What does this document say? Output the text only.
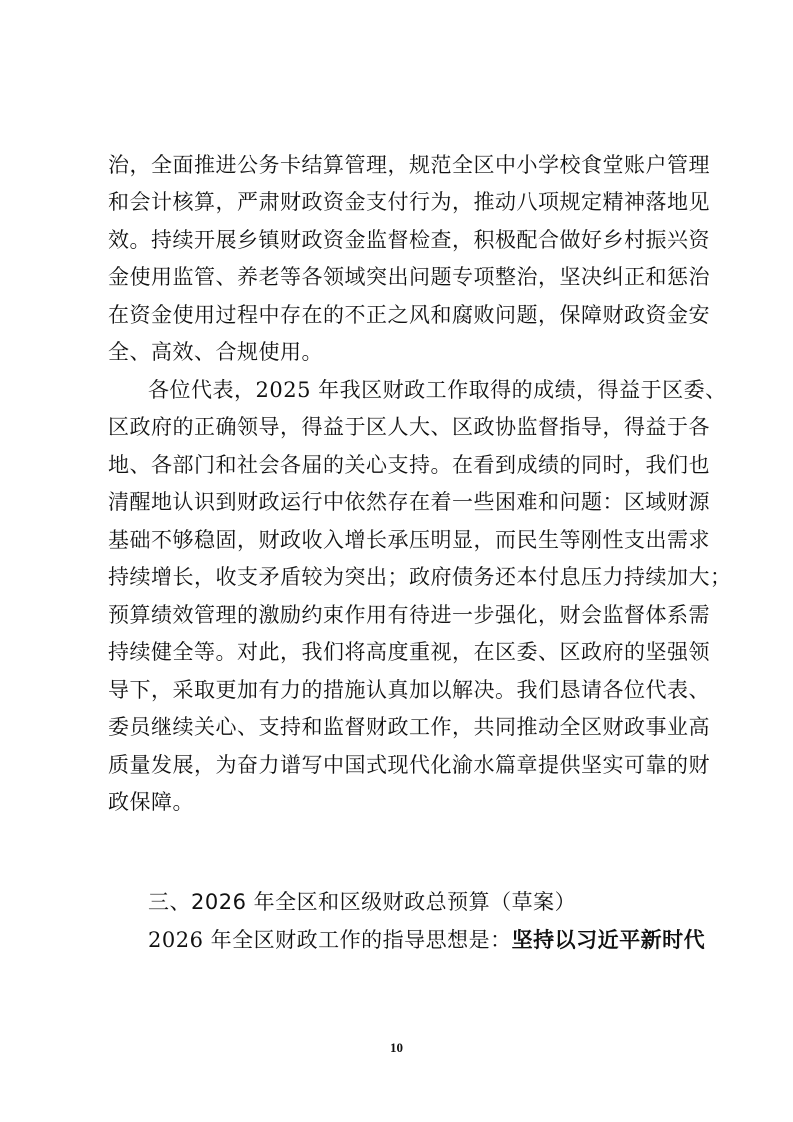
治，全面推进公务卡结算管理，规范全区中小学校食堂账户管理
和会计核算，严肃财政资金支付行为，推动八项规定精神落地见
效。持续开展乡镇财政资金监督检查，积极配合做好乡村振兴资
金使用监管、养老等各领域突出问题专项整治，坚决纠正和惩治
在资金使用过程中存在的不正之风和腐败问题，保障财政资金安
全、高效、合规使用。
各位代表，2025 年我区财政工作取得的成绩，得益于区委、
区政府的正确领导，得益于区人大、区政协监督指导，得益于各
地、各部门和社会各届的关心支持。在看到成绩的同时，我们也
清醒地认识到财政运行中依然存在着一些困难和问题：区域财源
基础不够稳固，财政收入增长承压明显，而民生等刚性支出需求
持续增长，收支矛盾较为突出；政府债务还本付息压力持续加大；
预算绩效管理的激励约束作用有待进一步强化，财会监督体系需
持续健全等。对此，我们将高度重视，在区委、区政府的坚强领
导下，采取更加有力的措施认真加以解决。我们恳请各位代表、
委员继续关心、支持和监督财政工作，共同推动全区财政事业高
质量发展，为奋力谱写中国式现代化渝水篇章提供坚实可靠的财
政保障。
三、2026 年全区和区级财政总预算（草案）
2026 年全区财政工作的指导思想是：坚持以习近平新时代
10
